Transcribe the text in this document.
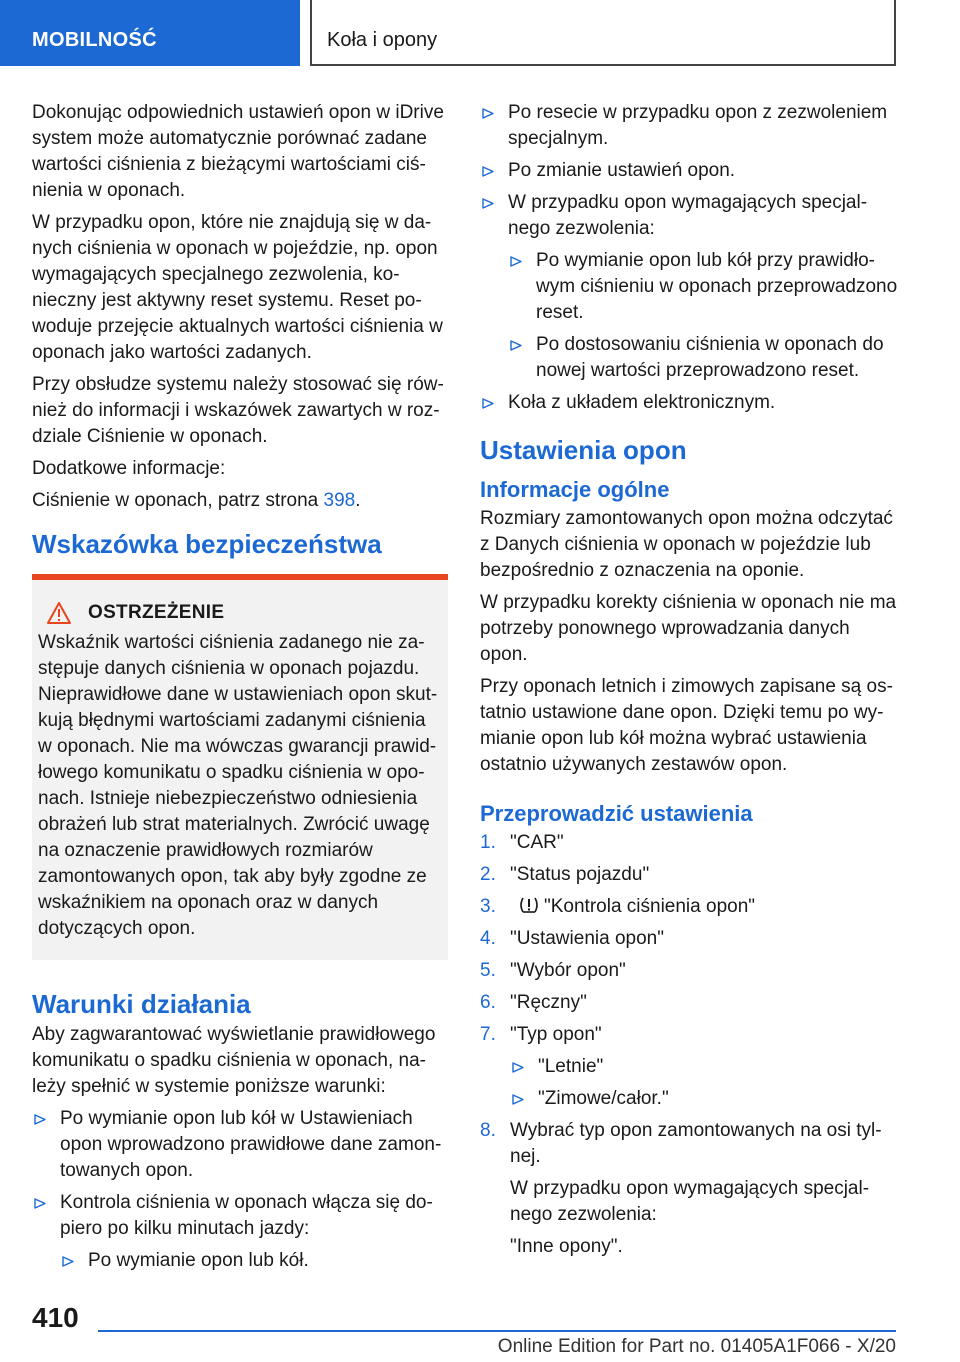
MOBILNOŚĆ	Koła i opony

Dokonując odpowiednich ustawień opon w iDrive system może automatycznie porównać zadane wartości ciśnienia z bieżącymi wartościami ciśnienia w oponach.

W przypadku opon, które nie znajdują się w danych ciśnienia w oponach w pojeździe, np. opon wymagających specjalnego zezwolenia, konieczny jest aktywny reset systemu. Reset powoduje przejęcie aktualnych wartości ciśnienia w oponach jako wartości zadanych.

Przy obsłudze systemu należy stosować się również do informacji i wskazówek zawartych w rozdziale Ciśnienie w oponach.

Dodatkowe informacje:

Ciśnienie w oponach, patrz strona 398.

Wskazówka bezpieczeństwa
OSTRZEŻENIE

Wskaźnik wartości ciśnienia zadanego nie zastępuje danych ciśnienia w oponach pojazdu. Nieprawidłowe dane w ustawieniach opon skutkują błędnymi wartościami zadanymi ciśnienia w oponach. Nie ma wówczas gwarancji prawidłowego komunikatu o spadku ciśnienia w oponach. Istnieje niebezpieczeństwo odniesienia obrażeń lub strat materialnych. Zwrócić uwagę na oznaczenie prawidłowych rozmiarów zamontowanych opon, tak aby były zgodne ze wskaźnikiem na oponach oraz w danych dotyczących opon.

Warunki działania

Aby zagwarantować wyświetlanie prawidłowego komunikatu o spadku ciśnienia w oponach, należy spełnić w systemie poniższe warunki:

Po wymianie opon lub kół w Ustawieniach opon wprowadzono prawidłowe dane zamontowanych opon.
Kontrola ciśnienia w oponach włącza się dopiero po kilku minutach jazdy:
Po wymianie opon lub kół.
Po resecie w przypadku opon z zezwoleniem specjalnym.
Po zmianie ustawień opon.
W przypadku opon wymagających specjalnego zezwolenia:
Po wymianie opon lub kół przy prawidłowym ciśnieniu w oponach przeprowadzono reset.
Po dostosowaniu ciśnienia w oponach do nowej wartości przeprowadzono reset.
Koła z układem elektronicznym.
Ustawienia opon
Informacje ogólne

Rozmiary zamontowanych opon można odczytać z Danych ciśnienia w oponach w pojeździe lub bezpośrednio z oznaczenia na oponie.

W przypadku korekty ciśnienia w oponach nie ma potrzeby ponownego wprowadzania danych opon.

Przy oponach letnich i zimowych zapisane są ostatnio ustawione dane opon. Dzięki temu po wymianie opon lub kół można wybrać ustawienia ostatnio używanych zestawów opon.

Przeprowadzić ustawienia
1. "CAR"
2. "Status pojazdu"
3.	"Kontrola ciśnienia opon"
4. "Ustawienia opon"
5. "Wybór opon"
6. "Ręczny"
7. "Typ opon"
"Letnie"
"Zimowe/całor."
8. Wybrać typ opon zamontowanych na osi tylnej.

W przypadku opon wymagających specjalnego zezwolenia:

"Inne opony".

410
Online Edition for Part no. 01405A1F066 - X/20
